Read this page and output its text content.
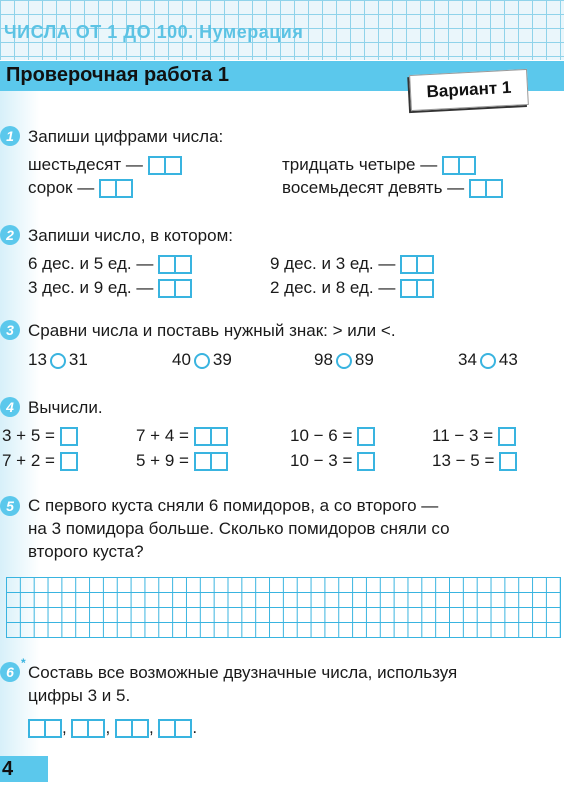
ЧИСЛА ОТ 1 ДО 100. Нумерация
Проверочная работа 1
Вариант 1
1 Запиши цифрами числа:
шестьдесят —
сорок —
тридцать четыре —
восемьдесят девять —
2 Запиши число, в котором:
6 дес. и 5 ед. —
3 дес. и 9 ед. —
9 дес. и 3 ед. —
2 дес. и 8 ед. —
3 Сравни числа и поставь нужный знак: > или <.
13 31	40 39	98 89	34 43
4 Вычисли.
3 + 5 =
7 + 2 =
7 + 4 =
5 + 9 =
10 − 6 =
10 − 3 =
11 − 3 =
13 − 5 =
5 С первого куста сняли 6 помидоров, а со второго —
на 3 помидора больше. Сколько помидоров сняли со
второго куста?
6
* Составь все возможные двузначные числа, используя
цифры 3 и 5.
, , , .
4
